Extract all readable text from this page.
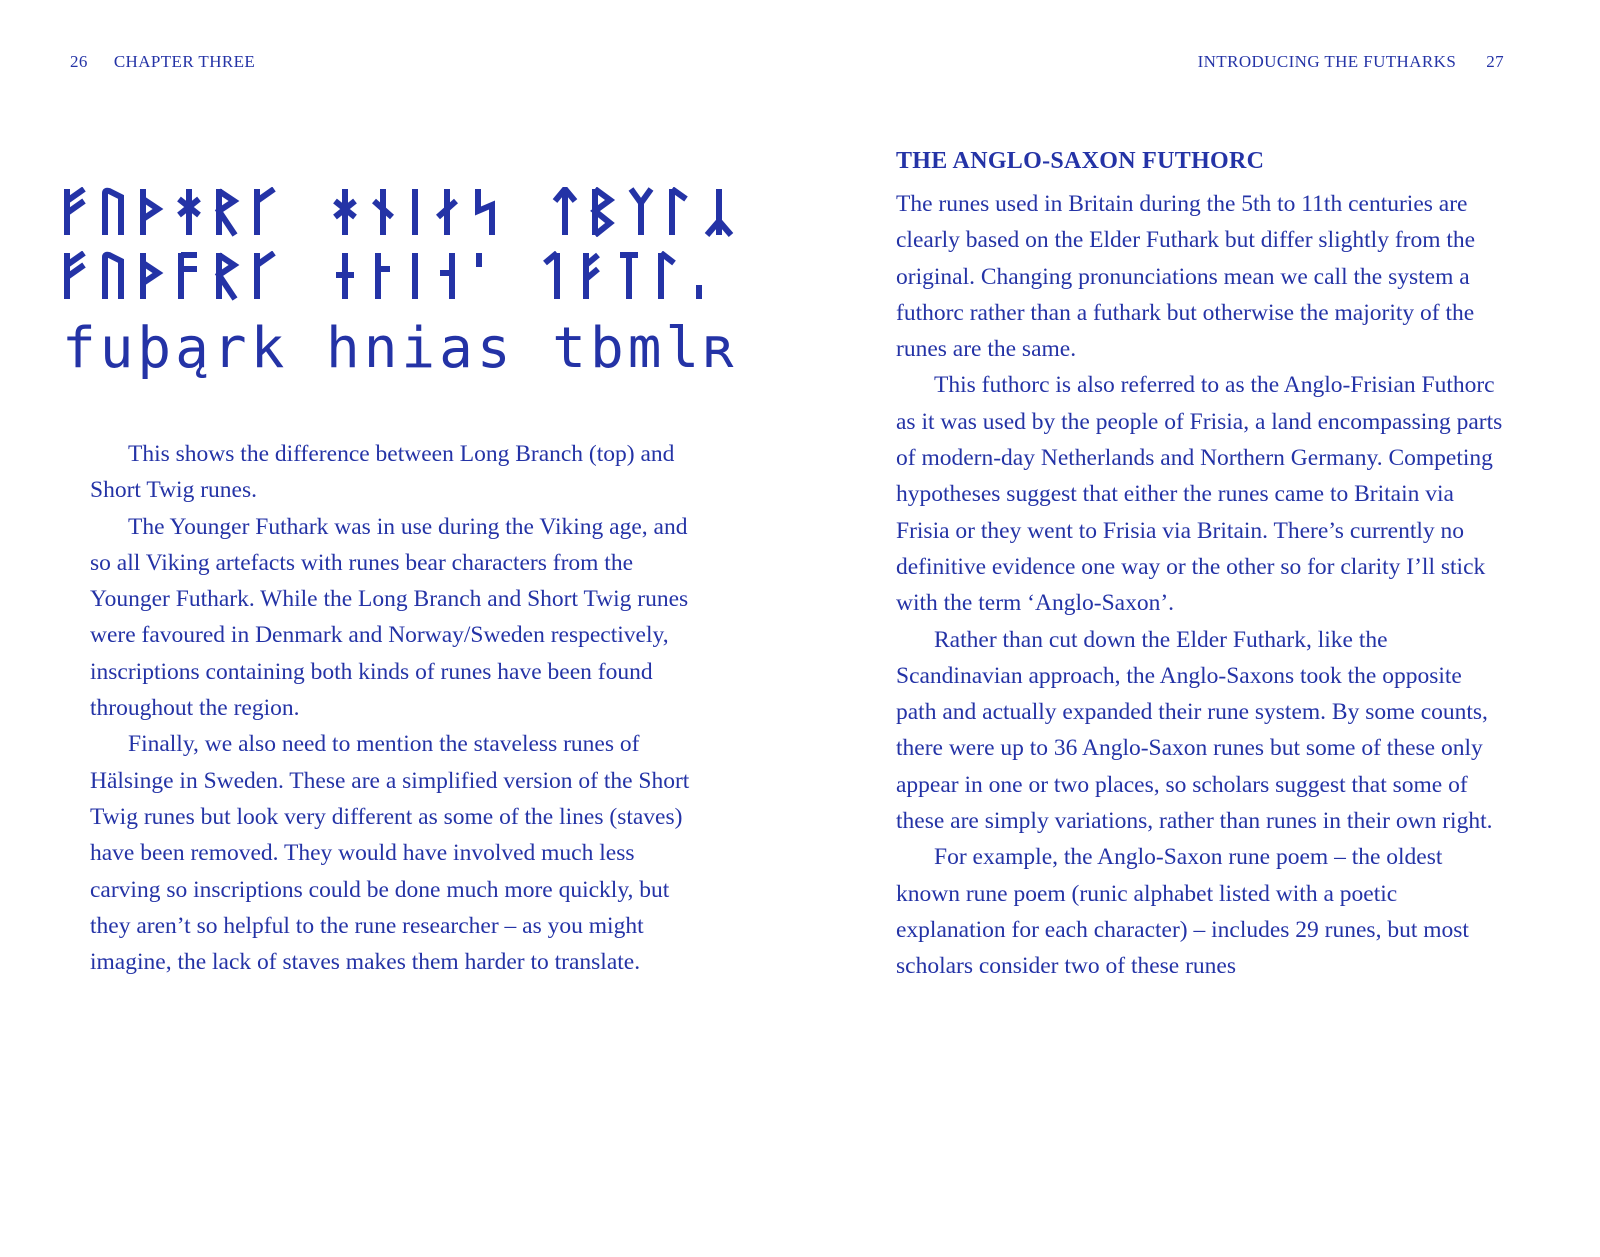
26 CHAPTER THREE
fuþąrk hnias tbmlʀ

This shows the difference between Long Branch (top) and Short Twig runes.

The Younger Futhark was in use during the Viking age, and so all Viking artefacts with runes bear characters from the Younger Futhark. While the Long Branch and Short Twig runes were favoured in Denmark and Norway/Sweden respectively, inscriptions containing both kinds of runes have been found throughout the region.

Finally, we also need to mention the staveless runes of Hälsinge in Sweden. These are a simplified version of the Short Twig runes but look very different as some of the lines (staves) have been removed. They would have involved much less carving so inscriptions could be done much more quickly, but they aren’t so helpful to the rune researcher – as you might imagine, the lack of staves makes them harder to translate.

INTRODUCING THE FUTHARKS 27
THE ANGLO-SAXON FUTHORC

The runes used in Britain during the 5th to 11th centuries are clearly based on the Elder Futhark but differ slightly from the original. Changing pronunciations mean we call the system a futhorc rather than a futhark but otherwise the majority of the runes are the same.

This futhorc is also referred to as the Anglo-Frisian Futhorc as it was used by the people of Frisia, a land encompassing parts of modern-day Netherlands and Northern Germany. Competing hypotheses suggest that either the runes came to Britain via Frisia or they went to Frisia via Britain. There’s currently no definitive evidence one way or the other so for clarity I’ll stick with the term ‘Anglo-Saxon’.

Rather than cut down the Elder Futhark, like the Scandinavian approach, the Anglo-Saxons took the opposite path and actually expanded their rune system. By some counts, there were up to 36 Anglo-Saxon runes but some of these only appear in one or two places, so scholars suggest that some of these are simply variations, rather than runes in their own right.

For example, the Anglo-Saxon rune poem – the oldest known rune poem (runic alphabet listed with a poetic explanation for each character) – includes 29 runes, but most scholars consider two of these runes
